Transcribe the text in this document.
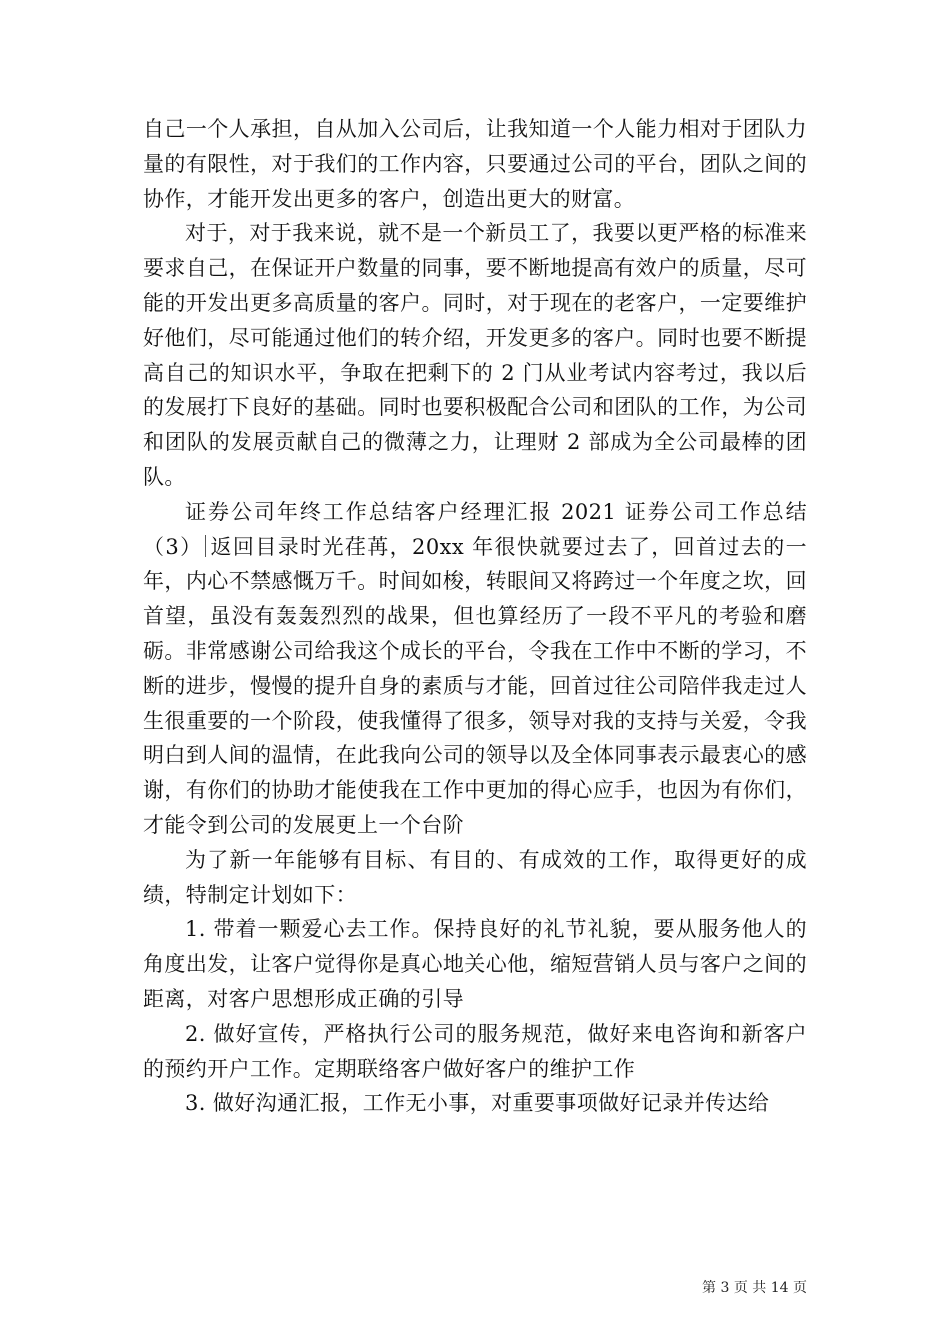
自己一个人承担，自从加入公司后，让我知道一个人能力相对于团队力量的有限性，对于我们的工作内容，只要通过公司的平台，团队之间的协作，才能开发出更多的客户，创造出更大的财富。

对于，对于我来说，就不是一个新员工了，我要以更严格的标准来要求自己，在保证开户数量的同事，要不断地提高有效户的质量，尽可能的开发出更多高质量的客户。同时，对于现在的老客户，一定要维护好他们，尽可能通过他们的转介绍，开发更多的客户。同时也要不断提高自己的知识水平，争取在把剩下的 2 门从业考试内容考过，我以后的发展打下良好的基础。同时也要积极配合公司和团队的工作，为公司和团队的发展贡献自己的微薄之力，让理财 2 部成为全公司最棒的团队。

证券公司年终工作总结客户经理汇报 2021 证券公司工作总结（3） 返回目录时光荏苒，20xx 年很快就要过去了，回首过去的一年，内心不禁感慨万千。时间如梭，转眼间又将跨过一个年度之坎，回首望，虽没有轰轰烈烈的战果，但也算经历了一段不平凡的考验和磨砺。非常感谢公司给我这个成长的平台，令我在工作中不断的学习，不断的进步，慢慢的提升自身的素质与才能，回首过往公司陪伴我走过人生很重要的一个阶段，使我懂得了很多，领导对我的支持与关爱，令我明白到人间的温情，在此我向公司的领导以及全体同事表示最衷心的感谢，有你们的协助才能使我在工作中更加的得心应手，也因为有你们，才能令到公司的发展更上一个台阶

为了新一年能够有目标、有目的、有成效的工作，取得更好的成绩，特制定计划如下：

1. 带着一颗爱心去工作。保持良好的礼节礼貌，要从服务他人的角度出发，让客户觉得你是真心地关心他，缩短营销人员与客户之间的距离，对客户思想形成正确的引导

2. 做好宣传，严格执行公司的服务规范，做好来电咨询和新客户的预约开户工作。定期联络客户做好客户的维护工作

3. 做好沟通汇报，工作无小事，对重要事项做好记录并传达给

第 3 页 共 14 页
